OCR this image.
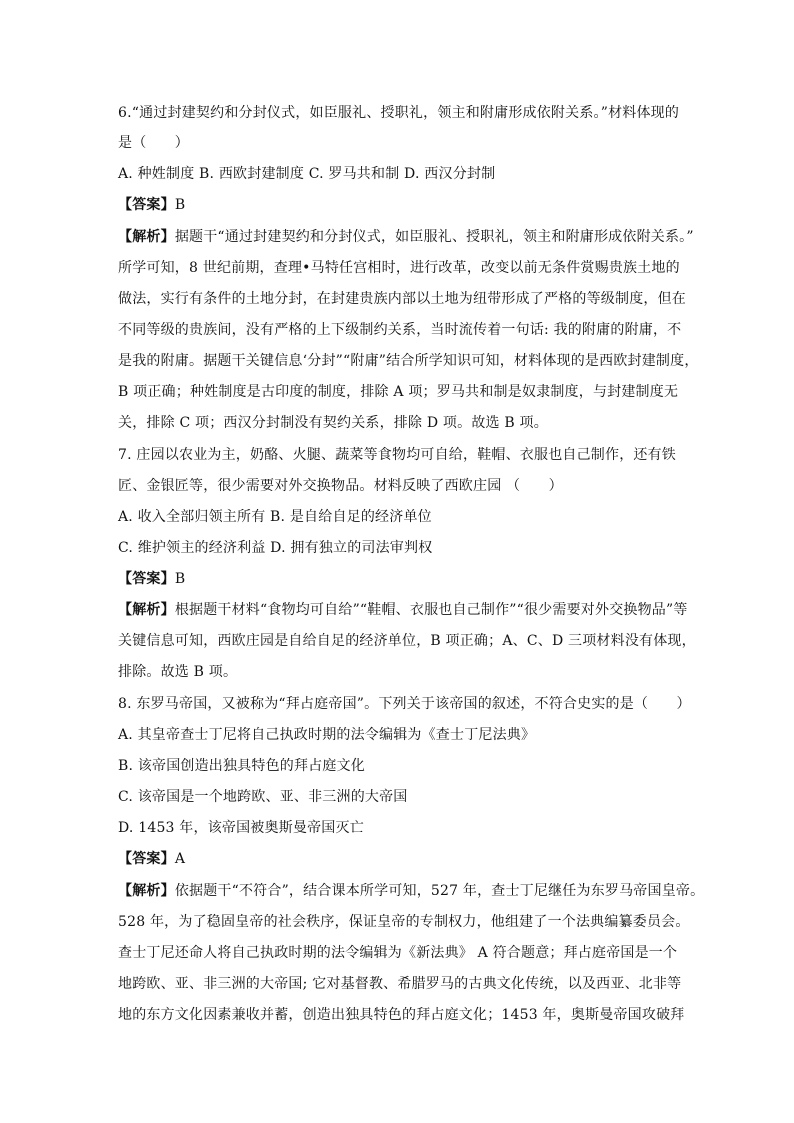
6.“通过封建契约和分封仪式，如臣服礼、授职礼，领主和附庸形成依附关系。”材料体现的
是（　　）
A. 种姓制度 B. 西欧封建制度 C. 罗马共和制 D. 西汉分封制
【答案】B
【解析】据题干“通过封建契约和分封仪式，如臣服礼、授职礼，领主和附庸形成依附关系。”
所学可知，8 世纪前期，查理•马特任宫相时，进行改革，改变以前无条件赏赐贵族土地的
做法，实行有条件的土地分封，在封建贵族内部以土地为纽带形成了严格的等级制度，但在
不同等级的贵族间，没有严格的上下级制约关系，当时流传着一句话: 我的附庸的附庸，不
是我的附庸。据题干关键信息‘分封”“附庸”结合所学知识可知，材料体现的是西欧封建制度，
B 项正确；种姓制度是古印度的制度，排除 A 项；罗马共和制是奴隶制度，与封建制度无
关，排除 C 项；西汉分封制没有契约关系，排除 D 项。故选 B 项。
7. 庄园以农业为主，奶酪、火腿、蔬菜等食物均可自给，鞋帽、衣服也自己制作，还有铁
匠、金银匠等，很少需要对外交换物品。材料反映了西欧庄园 （　　）
A. 收入全部归领主所有 B. 是自给自足的经济单位
C. 维护领主的经济利益 D. 拥有独立的司法审判权
【答案】B
【解析】根据题干材料“食物均可自给”“鞋帽、衣服也自己制作”“很少需要对外交换物品”等
关键信息可知，西欧庄园是自给自足的经济单位，B 项正确；A、C、D 三项材料没有体现，
排除。故选 B 项。
8. 东罗马帝国，又被称为“拜占庭帝国”。下列关于该帝国的叙述，不符合史实的是（　　）
A. 其皇帝查士丁尼将自己执政时期的法令编辑为《查士丁尼法典》
B. 该帝国创造出独具特色的拜占庭文化
C. 该帝国是一个地跨欧、亚、非三洲的大帝国
D. 1453 年，该帝国被奥斯曼帝国灭亡
【答案】A
【解析】依据题干“不符合”，结合课本所学可知，527 年，查士丁尼继任为东罗马帝国皇帝。
528 年，为了稳固皇帝的社会秩序，保证皇帝的专制权力，他组建了一个法典编纂委员会。
查士丁尼还命人将自己执政时期的法令编辑为《新法典》 A 符合题意；拜占庭帝国是一个
地跨欧、亚、非三洲的大帝国; 它对基督教、希腊罗马的古典文化传统，以及西亚、北非等
地的东方文化因素兼收并蓄，创造出独具特色的拜占庭文化；1453 年，奥斯曼帝国攻破拜
